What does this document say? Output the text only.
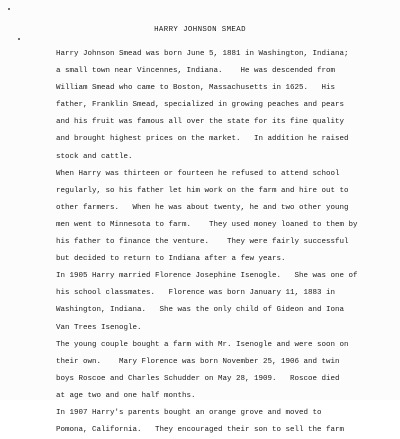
HARRY JOHNSON SMEAD
Harry Johnson Smead was born June 5, 1881 in Washington, Indiana;
a small town near Vincennes, Indiana.    He was descended from
William Smead who came to Boston, Massachusetts in 1625.   His
father, Franklin Smead, specialized in growing peaches and pears
and his fruit was famous all over the state for its fine quality
and brought highest prices on the market.   In addition he raised
stock and cattle.
When Harry was thirteen or fourteen he refused to attend school
regularly, so his father let him work on the farm and hire out to
other farmers.   When he was about twenty, he and two other young
men went to Minnesota to farm.    They used money loaned to them by
his father to finance the venture.    They were fairly successful
but decided to return to Indiana after a few years.
In 1905 Harry married Florence Josephine Isenogle.   She was one of
his school classmates.   Florence was born January 11, 1883 in
Washington, Indiana.   She was the only child of Gideon and Iona
Van Trees Isenogle.
The young couple bought a farm with Mr. Isenogle and were soon on
their own.    Mary Florence was born November 25, 1906 and twin
boys Roscoe and Charles Schudder on May 28, 1909.   Roscoe died
at age two and one half months.
In 1907 Harry's parents bought an orange grove and moved to
Pomona, California.   They encouraged their son to sell the farm
